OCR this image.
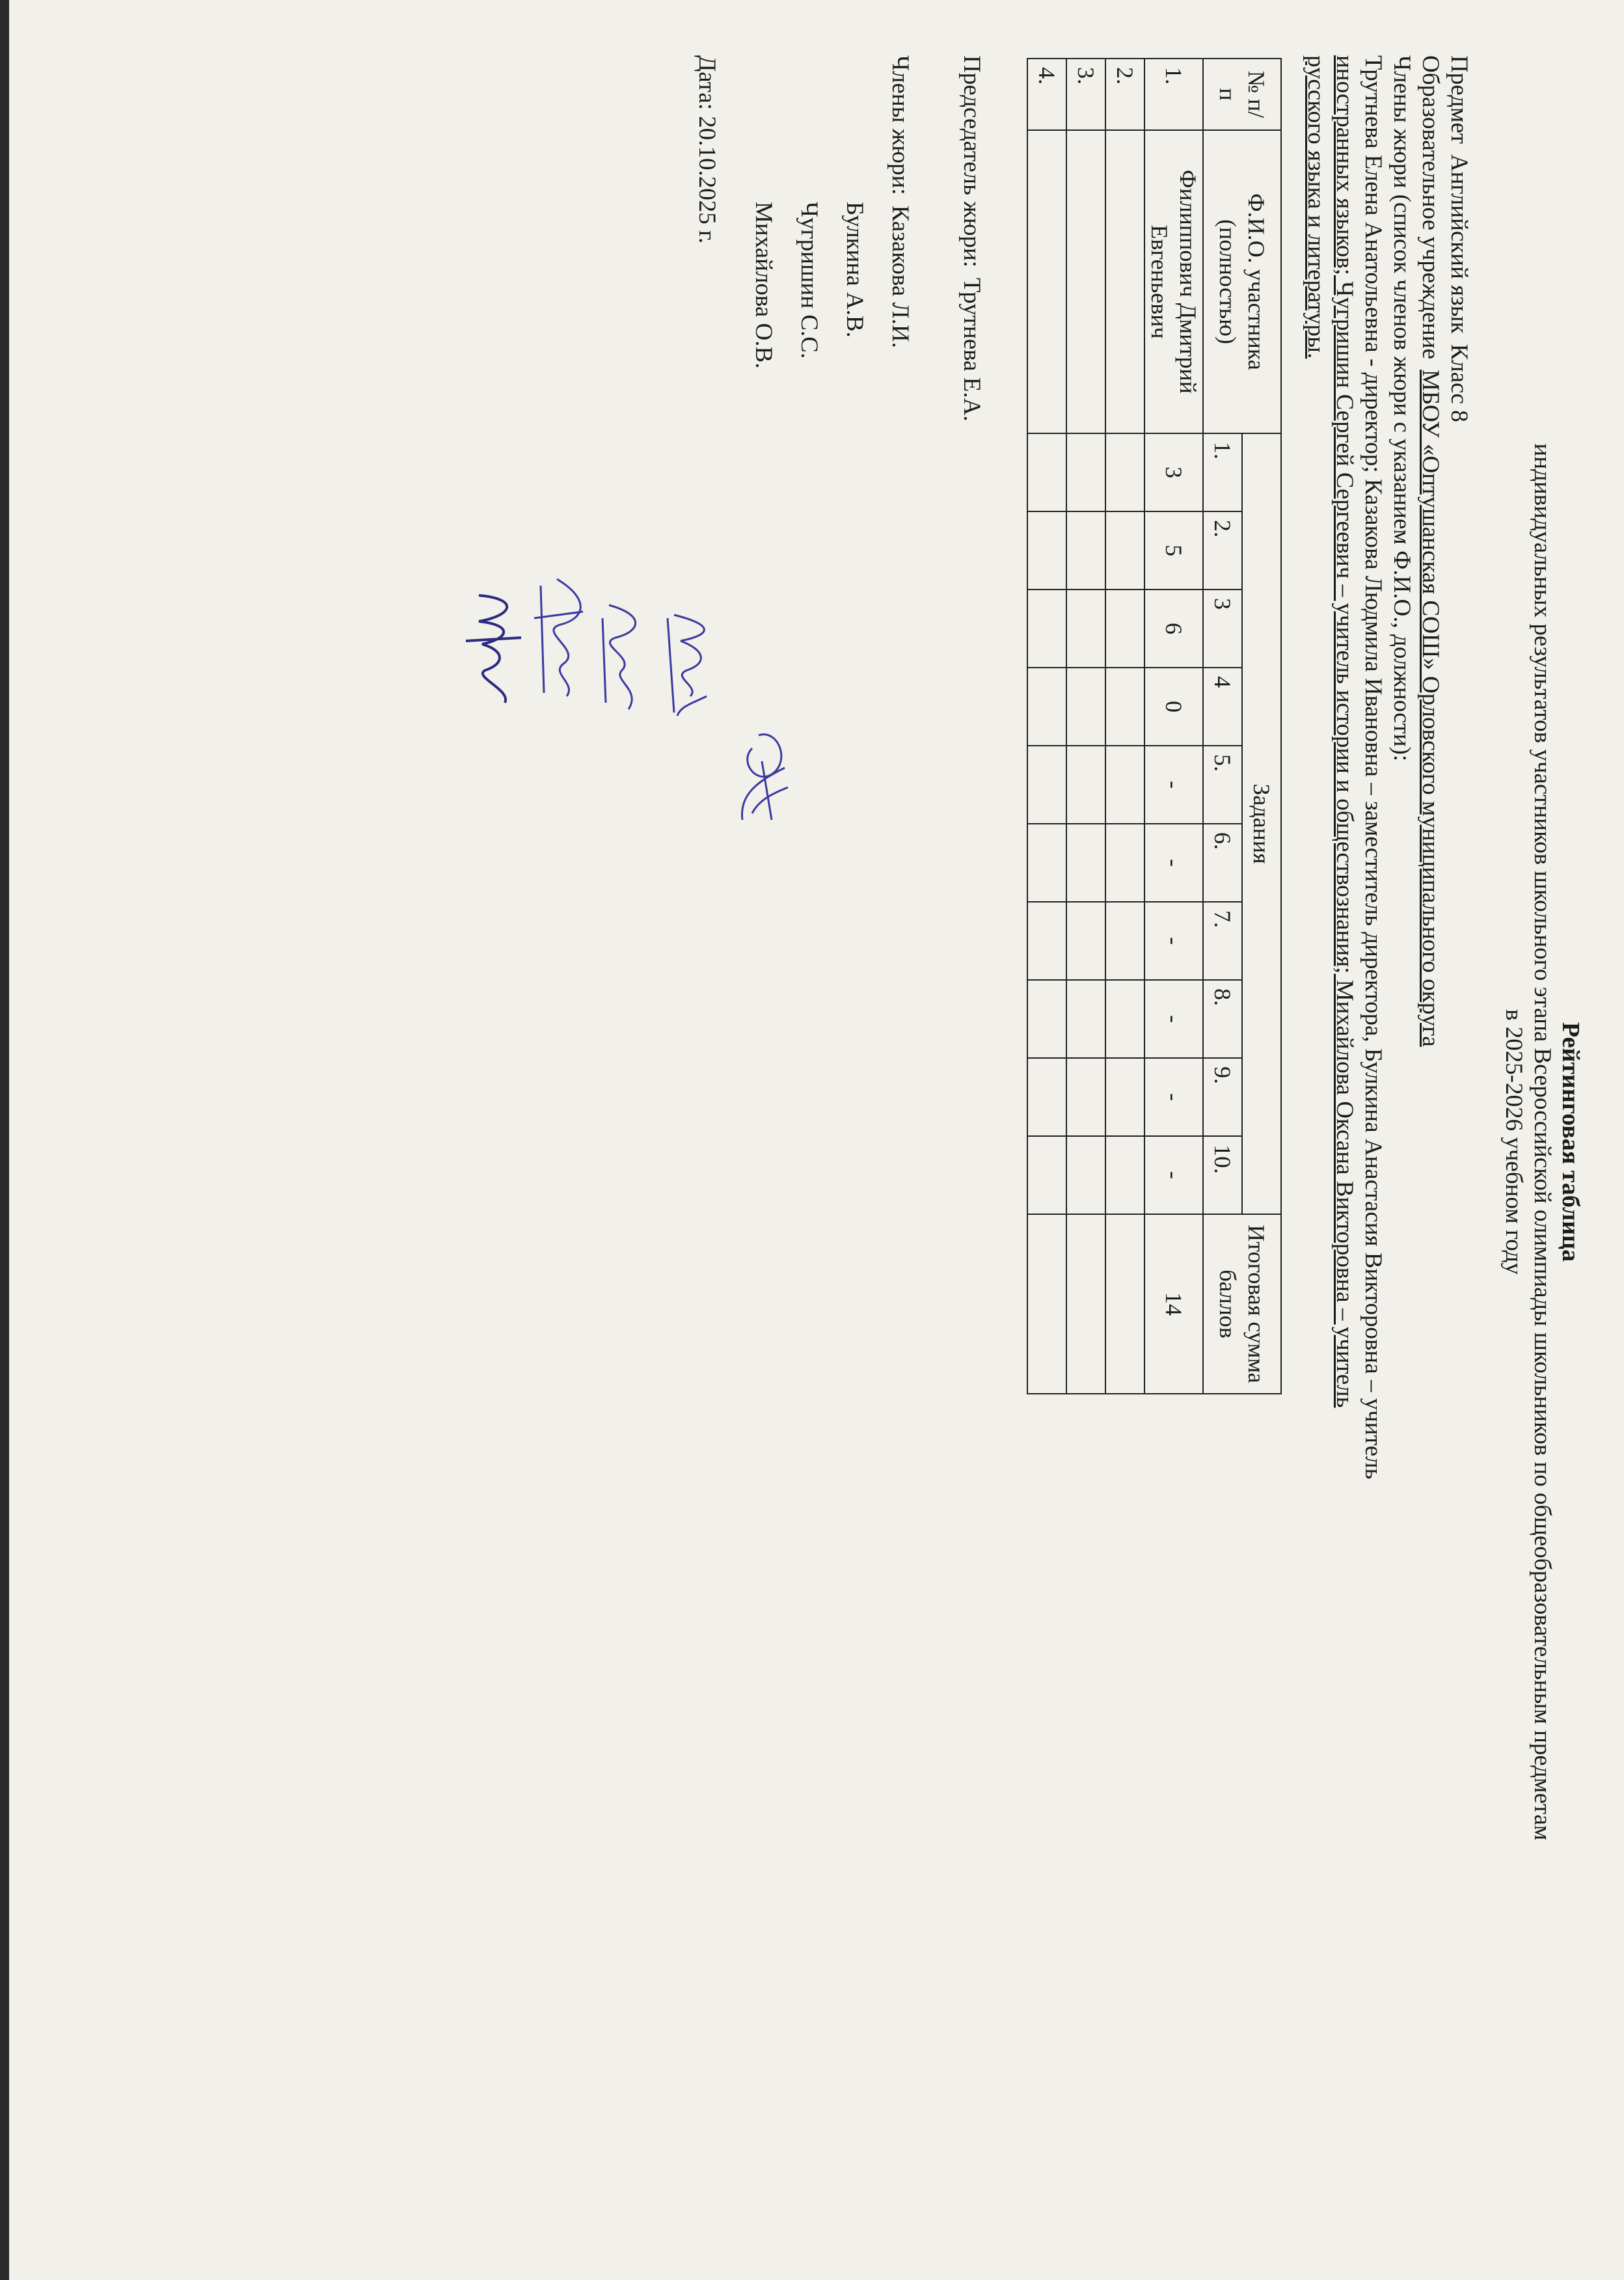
Рейтинговая таблица
индивидуальных результатов участников школьного этапа Всероссийской олимпиады школьников по общеобразовательным предметам
в 2025-2026 учебном году
ПредметАнглийский языкКласс 8
Образовательное учреждениеМБОУ «Оптушанская СОШ» Орловского муниципального округа
Члены жюри (список членов жюри с указанием Ф.И.О., должности):
Трутнева Елена Анатольевна - директор; Казакова Людмила Ивановна – заместитель директора, Булкина Анастасия Викторовна – учитель
иностранных языков; Чугришин Сергей Сергеевич – учитель истории и обществознания; Михайлова Оксана Викторовна – учитель
русского языка и литературы.
№ п/п	Ф.И.О. участника (полностью)	Задания										Итоговая сумма баллов
		1.	2.	3	4	5.	6.	7.	8.	9.	10.	
1.	Филиппович Дмитрий Евгеньевич	3	5	6	0	-	-	-	-	-	-	14
2.												
3.												
4.												
Председатель жюри:Трутнева Е.А.
Члены жюри:Казакова Л.И.
Булкина А.В.
Чугришин С.С.
Михайлова О.В.
Дата: 20.10.2025 г.
